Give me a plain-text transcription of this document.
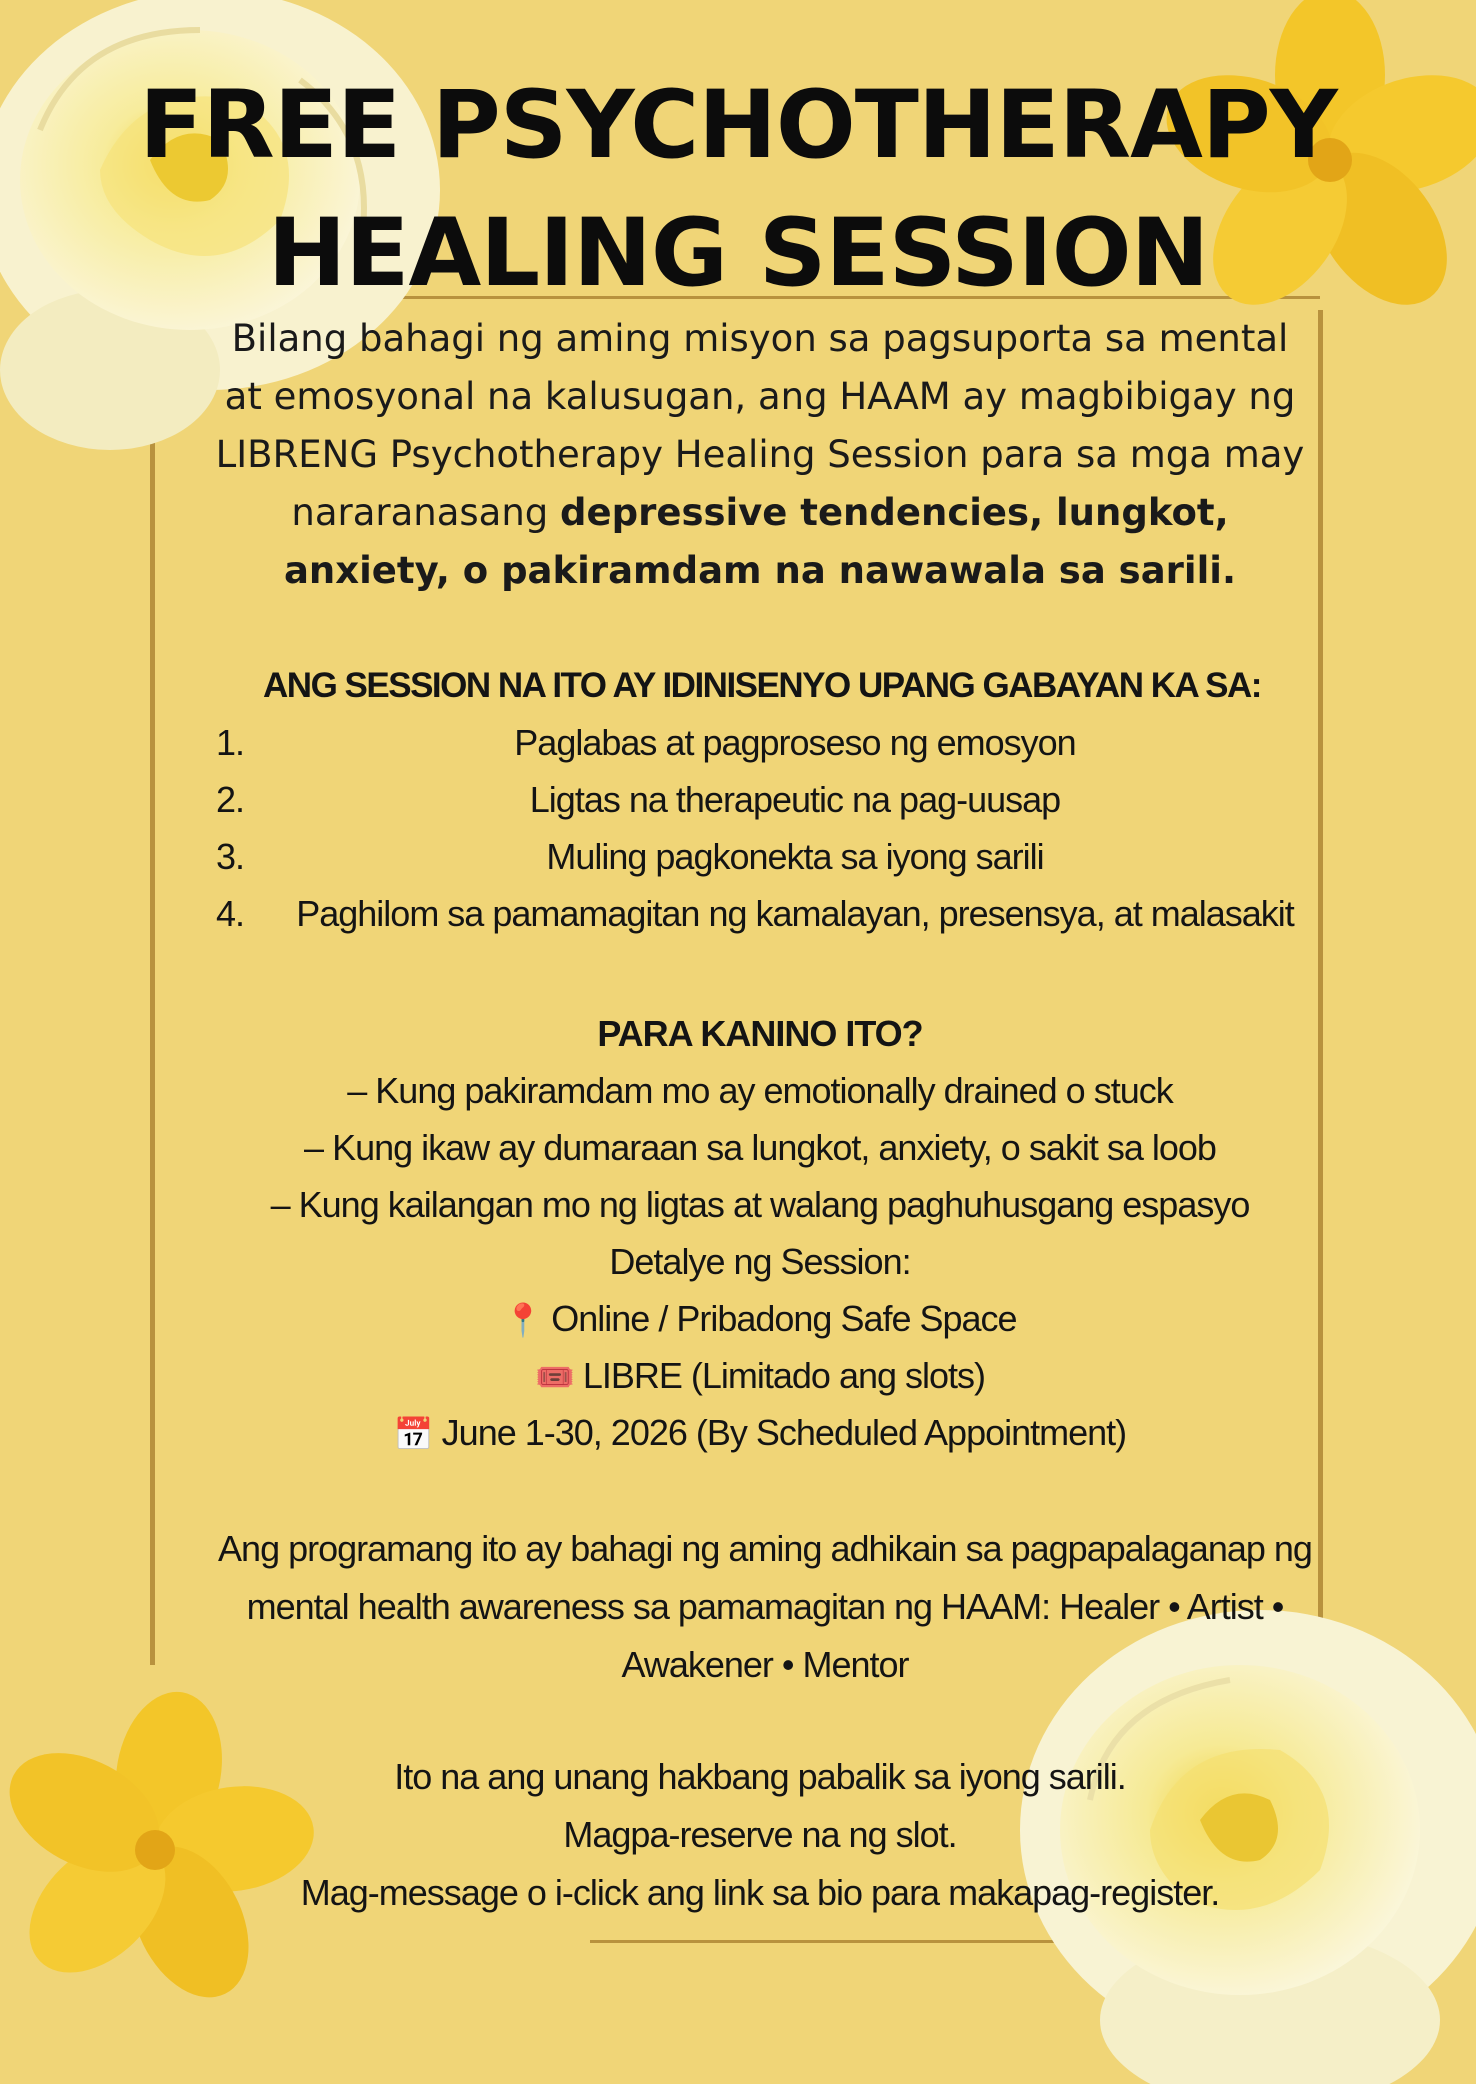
FREE PSYCHOTHERAPY
HEALING SESSION

Bilang bahagi ng aming misyon sa pagsuporta sa mental at emosyonal na kalusugan, ang HAAM ay magbibigay ng LIBRENG Psychotherapy Healing Session para sa mga may nararanasang depressive tendencies, lungkot, anxiety, o pakiramdam na nawawala sa sarili.

ANG SESSION NA ITO AY IDINISENYO UPANG GABAYAN KA SA:

1.	Paglabas at pagproseso ng emosyon
2.	Ligtas na therapeutic na pag-uusap
3.	Muling pagkonekta sa iyong sarili
4. Paghilom sa pamamagitan ng kamalayan, presensya, at malasakit
PARA KANINO ITO?
– Kung pakiramdam mo ay emotionally drained o stuck
– Kung ikaw ay dumaraan sa lungkot, anxiety, o sakit sa loob
– Kung kailangan mo ng ligtas at walang paghuhusgang espasyo
Detalye ng Session:
📍 Online / Pribadong Safe Space
🎟️ LIBRE (Limitado ang slots)
📅 June 1-30, 2026 (By Scheduled Appointment)

Ang programang ito ay bahagi ng aming adhikain sa pagpapalaganap ng mental health awareness sa pamamagitan ng HAAM: Healer • Artist • Awakener • Mentor

Ito na ang unang hakbang pabalik sa iyong sarili.
Magpa-reserve na ng slot.
Mag-message o i-click ang link sa bio para makapag-register.
